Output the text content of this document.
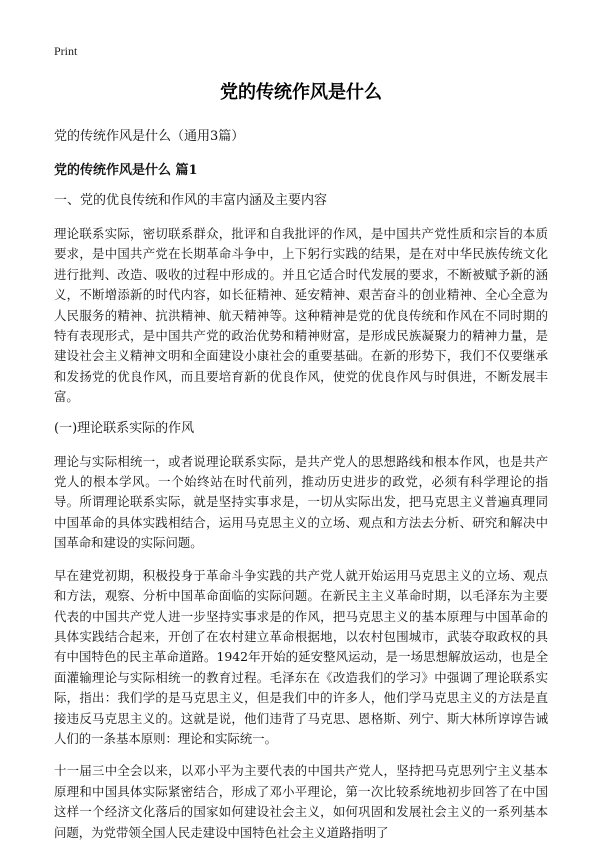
Print
党的传统作风是什么
党的传统作风是什么（通用3篇）
党的传统作风是什么 篇1
一、党的优良传统和作风的丰富内涵及主要内容
理论联系实际，密切联系群众，批评和自我批评的作风，是中国共产党性质和宗旨的本质要求，是中国共产党在长期革命斗争中，上下躬行实践的结果，是在对中华民族传统文化进行批判、改造、吸收的过程中形成的。并且它适合时代发展的要求，不断被赋予新的涵义，不断增添新的时代内容，如长征精神、延安精神、艰苦奋斗的创业精神、全心全意为人民服务的精神、抗洪精神、航天精神等。这种精神是党的优良传统和作风在不同时期的特有表现形式，是中国共产党的政治优势和精神财富，是形成民族凝聚力的精神力量，是建设社会主义精神文明和全面建设小康社会的重要基础。在新的形势下，我们不仅要继承和发扬党的优良作风，而且要培育新的优良作风，使党的优良作风与时俱进，不断发展丰富。
(一)理论联系实际的作风
理论与实际相统一，或者说理论联系实际，是共产党人的思想路线和根本作风，也是共产党人的根本学风。一个始终站在时代前列，推动历史进步的政党，必须有科学理论的指导。所谓理论联系实际，就是坚持实事求是，一切从实际出发，把马克思主义普遍真理同中国革命的具体实践相结合，运用马克思主义的立场、观点和方法去分析、研究和解决中国革命和建设的实际问题。
早在建党初期，积极投身于革命斗争实践的共产党人就开始运用马克思主义的立场、观点和方法，观察、分析中国革命面临的实际问题。在新民主主义革命时期，以毛泽东为主要代表的中国共产党人进一步坚持实事求是的作风，把马克思主义的基本原理与中国革命的具体实践结合起来，开创了在农村建立革命根据地，以农村包围城市，武装夺取政权的具有中国特色的民主革命道路。1942年开始的延安整风运动，是一场思想解放运动，也是全面灌输理论与实际相统一的教育过程。毛泽东在《改造我们的学习》中强调了理论联系实际，指出：我们学的是马克思主义，但是我们中的许多人，他们学马克思主义的方法是直接违反马克思主义的。这就是说，他们违背了马克思、恩格斯、列宁、斯大林所谆谆告诫人们的一条基本原则：理论和实际统一。
十一届三中全会以来，以邓小平为主要代表的中国共产党人，坚持把马克思列宁主义基本原理和中国具体实际紧密结合，形成了邓小平理论，第一次比较系统地初步回答了在中国这样一个经济文化落后的国家如何建设社会主义，如何巩固和发展社会主义的一系列基本问题，为党带领全国人民走建设中国特色社会主义道路指明了
